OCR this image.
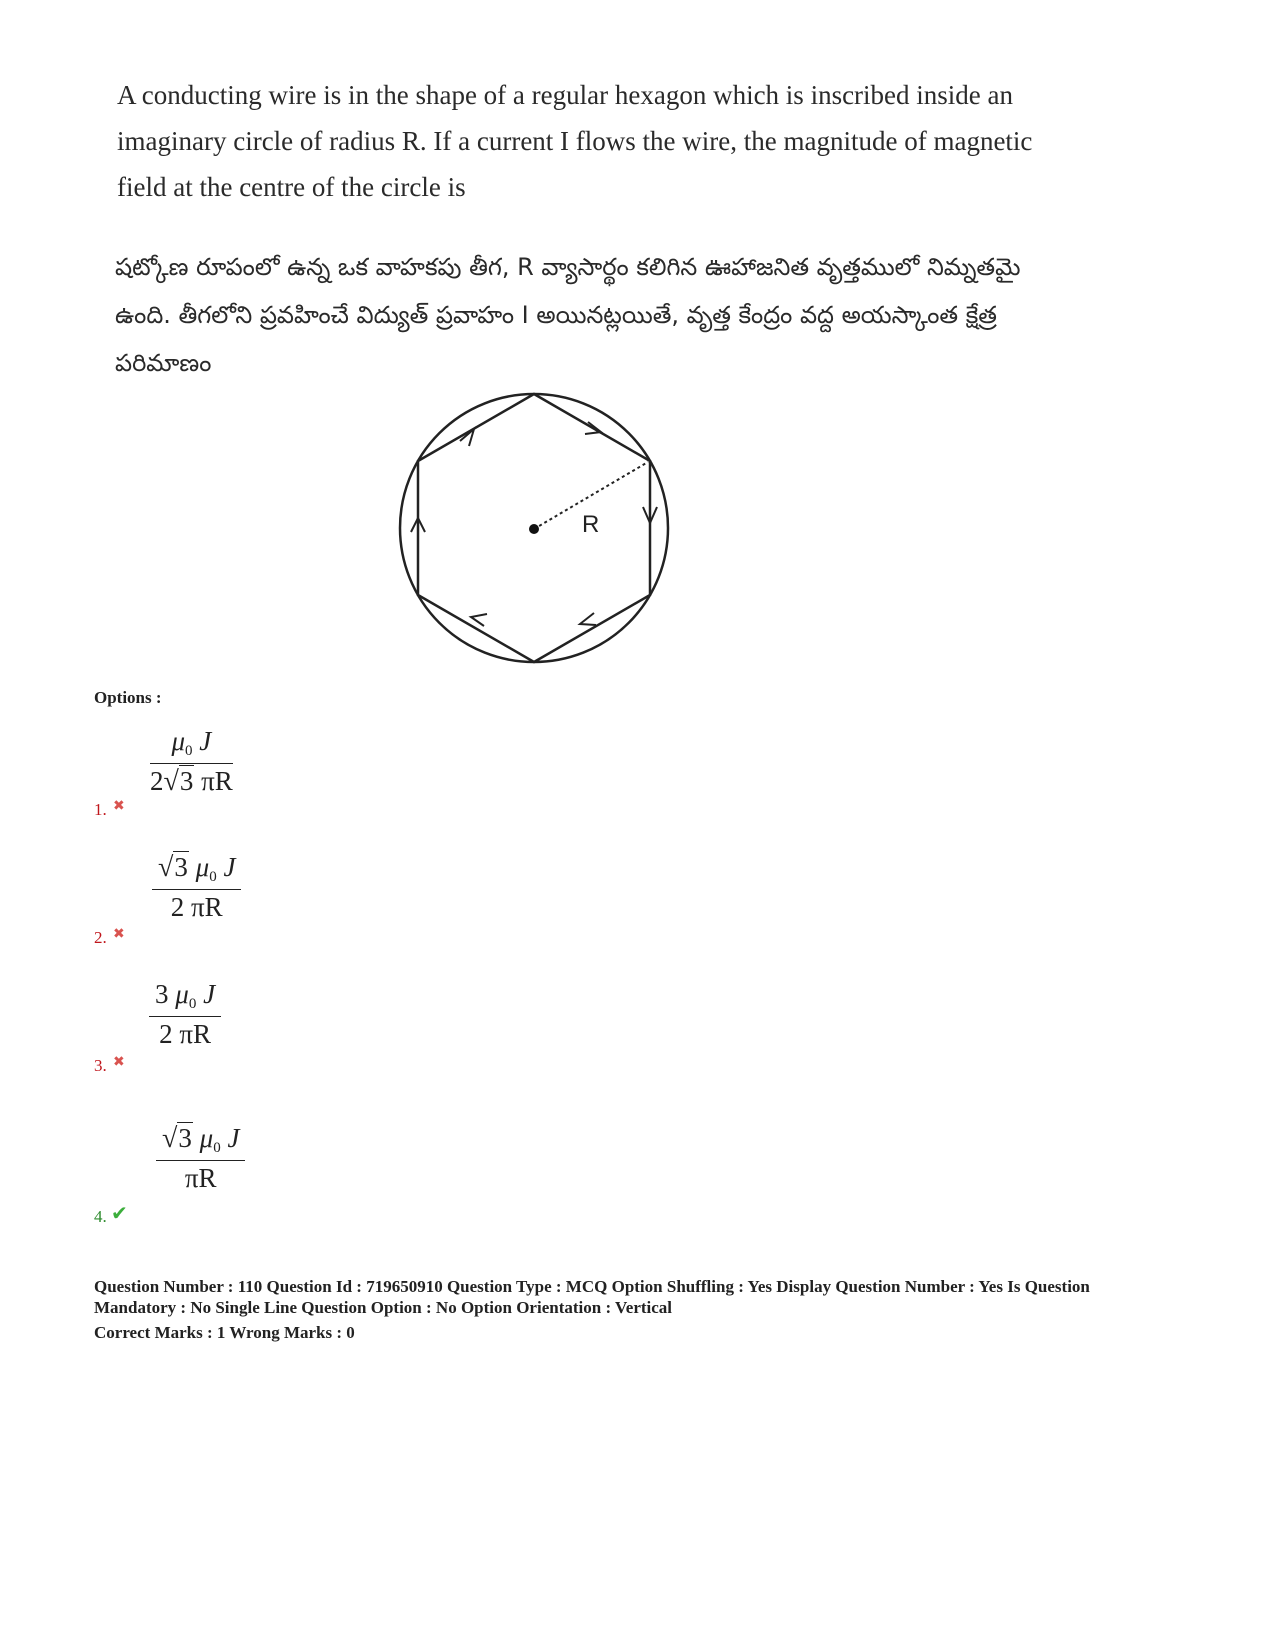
A conducting wire is in the shape of a regular hexagon which is inscribed inside an

imaginary circle of radius R. If a current I flows the wire, the magnitude of magnetic

field at the centre of the circle is

షట్కోణ రూపంలో ఉన్న ఒక వాహకపు తీగ, R వ్యాసార్థం కలిగిన ఊహాజనిత వృత్తములో నిమ్నతమై

ఉంది. తీగలోని ప్రవహించే విద్యుత్ ప్రవాహం I అయినట్లయితే, వృత్త కేంద్రం వద్ద అయస్కాంత క్షేత్ర

పరిమాణం

R
Options :
$\frac{\mu_0 J}{2√3 \pi R}$
1. ✖
$\frac{√3 \mu_0 J}{2 \pi R}$
2. ✖
$\frac{3 \mu_0 J}{2 \pi R}$
3. ✖
$\frac{√3 \mu_0 J}{\pi R}$
4. ✔

Question Number : 110 Question Id : 719650910 Question Type : MCQ Option Shuffling : Yes Display Question Number : Yes Is Question

Mandatory : No Single Line Question Option : No Option Orientation : Vertical

Correct Marks : 1 Wrong Marks : 0
